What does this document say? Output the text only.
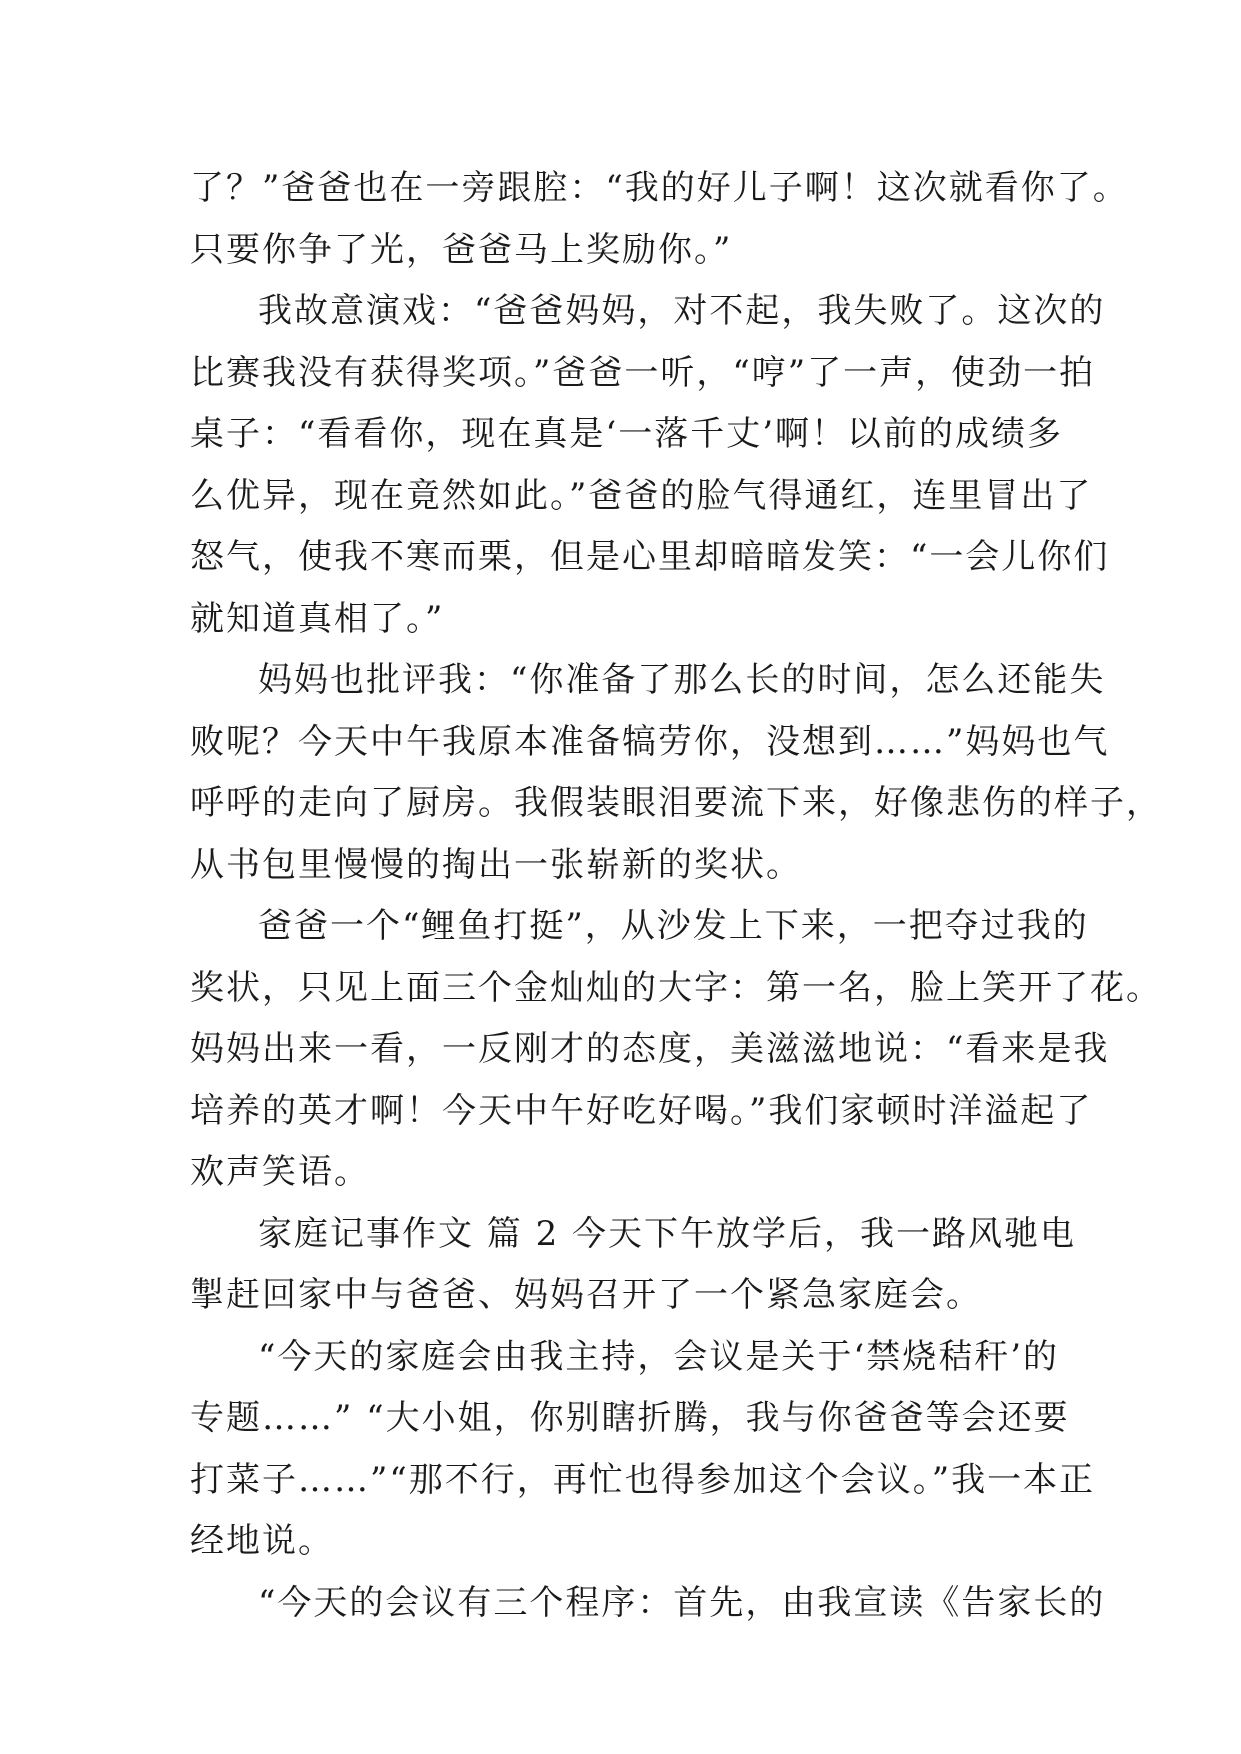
了？”爸爸也在一旁跟腔：“我的好儿子啊！这次就看你了。
只要你争了光，爸爸马上奖励你。”
我故意演戏：“爸爸妈妈，对不起，我失败了。这次的
比赛我没有获得奖项。”爸爸一听，“哼”了一声，使劲一拍
桌子：“看看你，现在真是‘一落千丈’啊！以前的成绩多
么优异，现在竟然如此。”爸爸的脸气得通红，连里冒出了
怒气，使我不寒而栗，但是心里却暗暗发笑：“一会儿你们
就知道真相了。”
妈妈也批评我：“你准备了那么长的时间，怎么还能失
败呢？今天中午我原本准备犒劳你，没想到……”妈妈也气
呼呼的走向了厨房。我假装眼泪要流下来，好像悲伤的样子，
从书包里慢慢的掏出一张崭新的奖状。
爸爸一个“鲤鱼打挺”，从沙发上下来，一把夺过我的
奖状，只见上面三个金灿灿的大字：第一名，脸上笑开了花。
妈妈出来一看，一反刚才的态度，美滋滋地说：“看来是我
培养的英才啊！今天中午好吃好喝。”我们家顿时洋溢起了
欢声笑语。
家庭记事作文 篇 2 今天下午放学后，我一路风驰电
掣赶回家中与爸爸、妈妈召开了一个紧急家庭会。
“今天的家庭会由我主持，会议是关于‘禁烧秸秆’的
专题……” “大小姐，你别瞎折腾，我与你爸爸等会还要
打菜子……”“那不行，再忙也得参加这个会议。”我一本正
经地说。
“今天的会议有三个程序：首先，由我宣读《告家长的
